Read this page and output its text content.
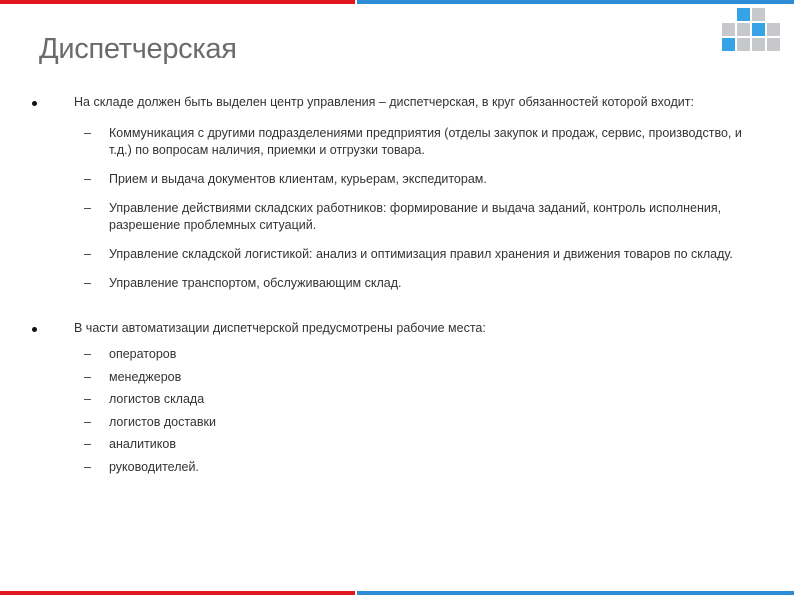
Диспетчерская
На складе должен быть выделен центр управления – диспетчерская, в круг обязанностей которой входит:
– Коммуникация с другими подразделениями предприятия (отделы закупок и продаж, сервис, производство, и т.д.) по вопросам наличия, приемки и отгрузки товара.
– Прием и выдача документов клиентам, курьерам, экспедиторам.
– Управление действиями складских работников: формирование и выдача заданий, контроль исполнения, разрешение проблемных ситуаций.
– Управление складской логистикой: анализ и оптимизация правил хранения и движения товаров по складу.
– Управление транспортом, обслуживающим склад.
В части автоматизации диспетчерской предусмотрены рабочие места:
– операторов
– менеджеров
– логистов склада
– логистов доставки
– аналитиков
– руководителей.
